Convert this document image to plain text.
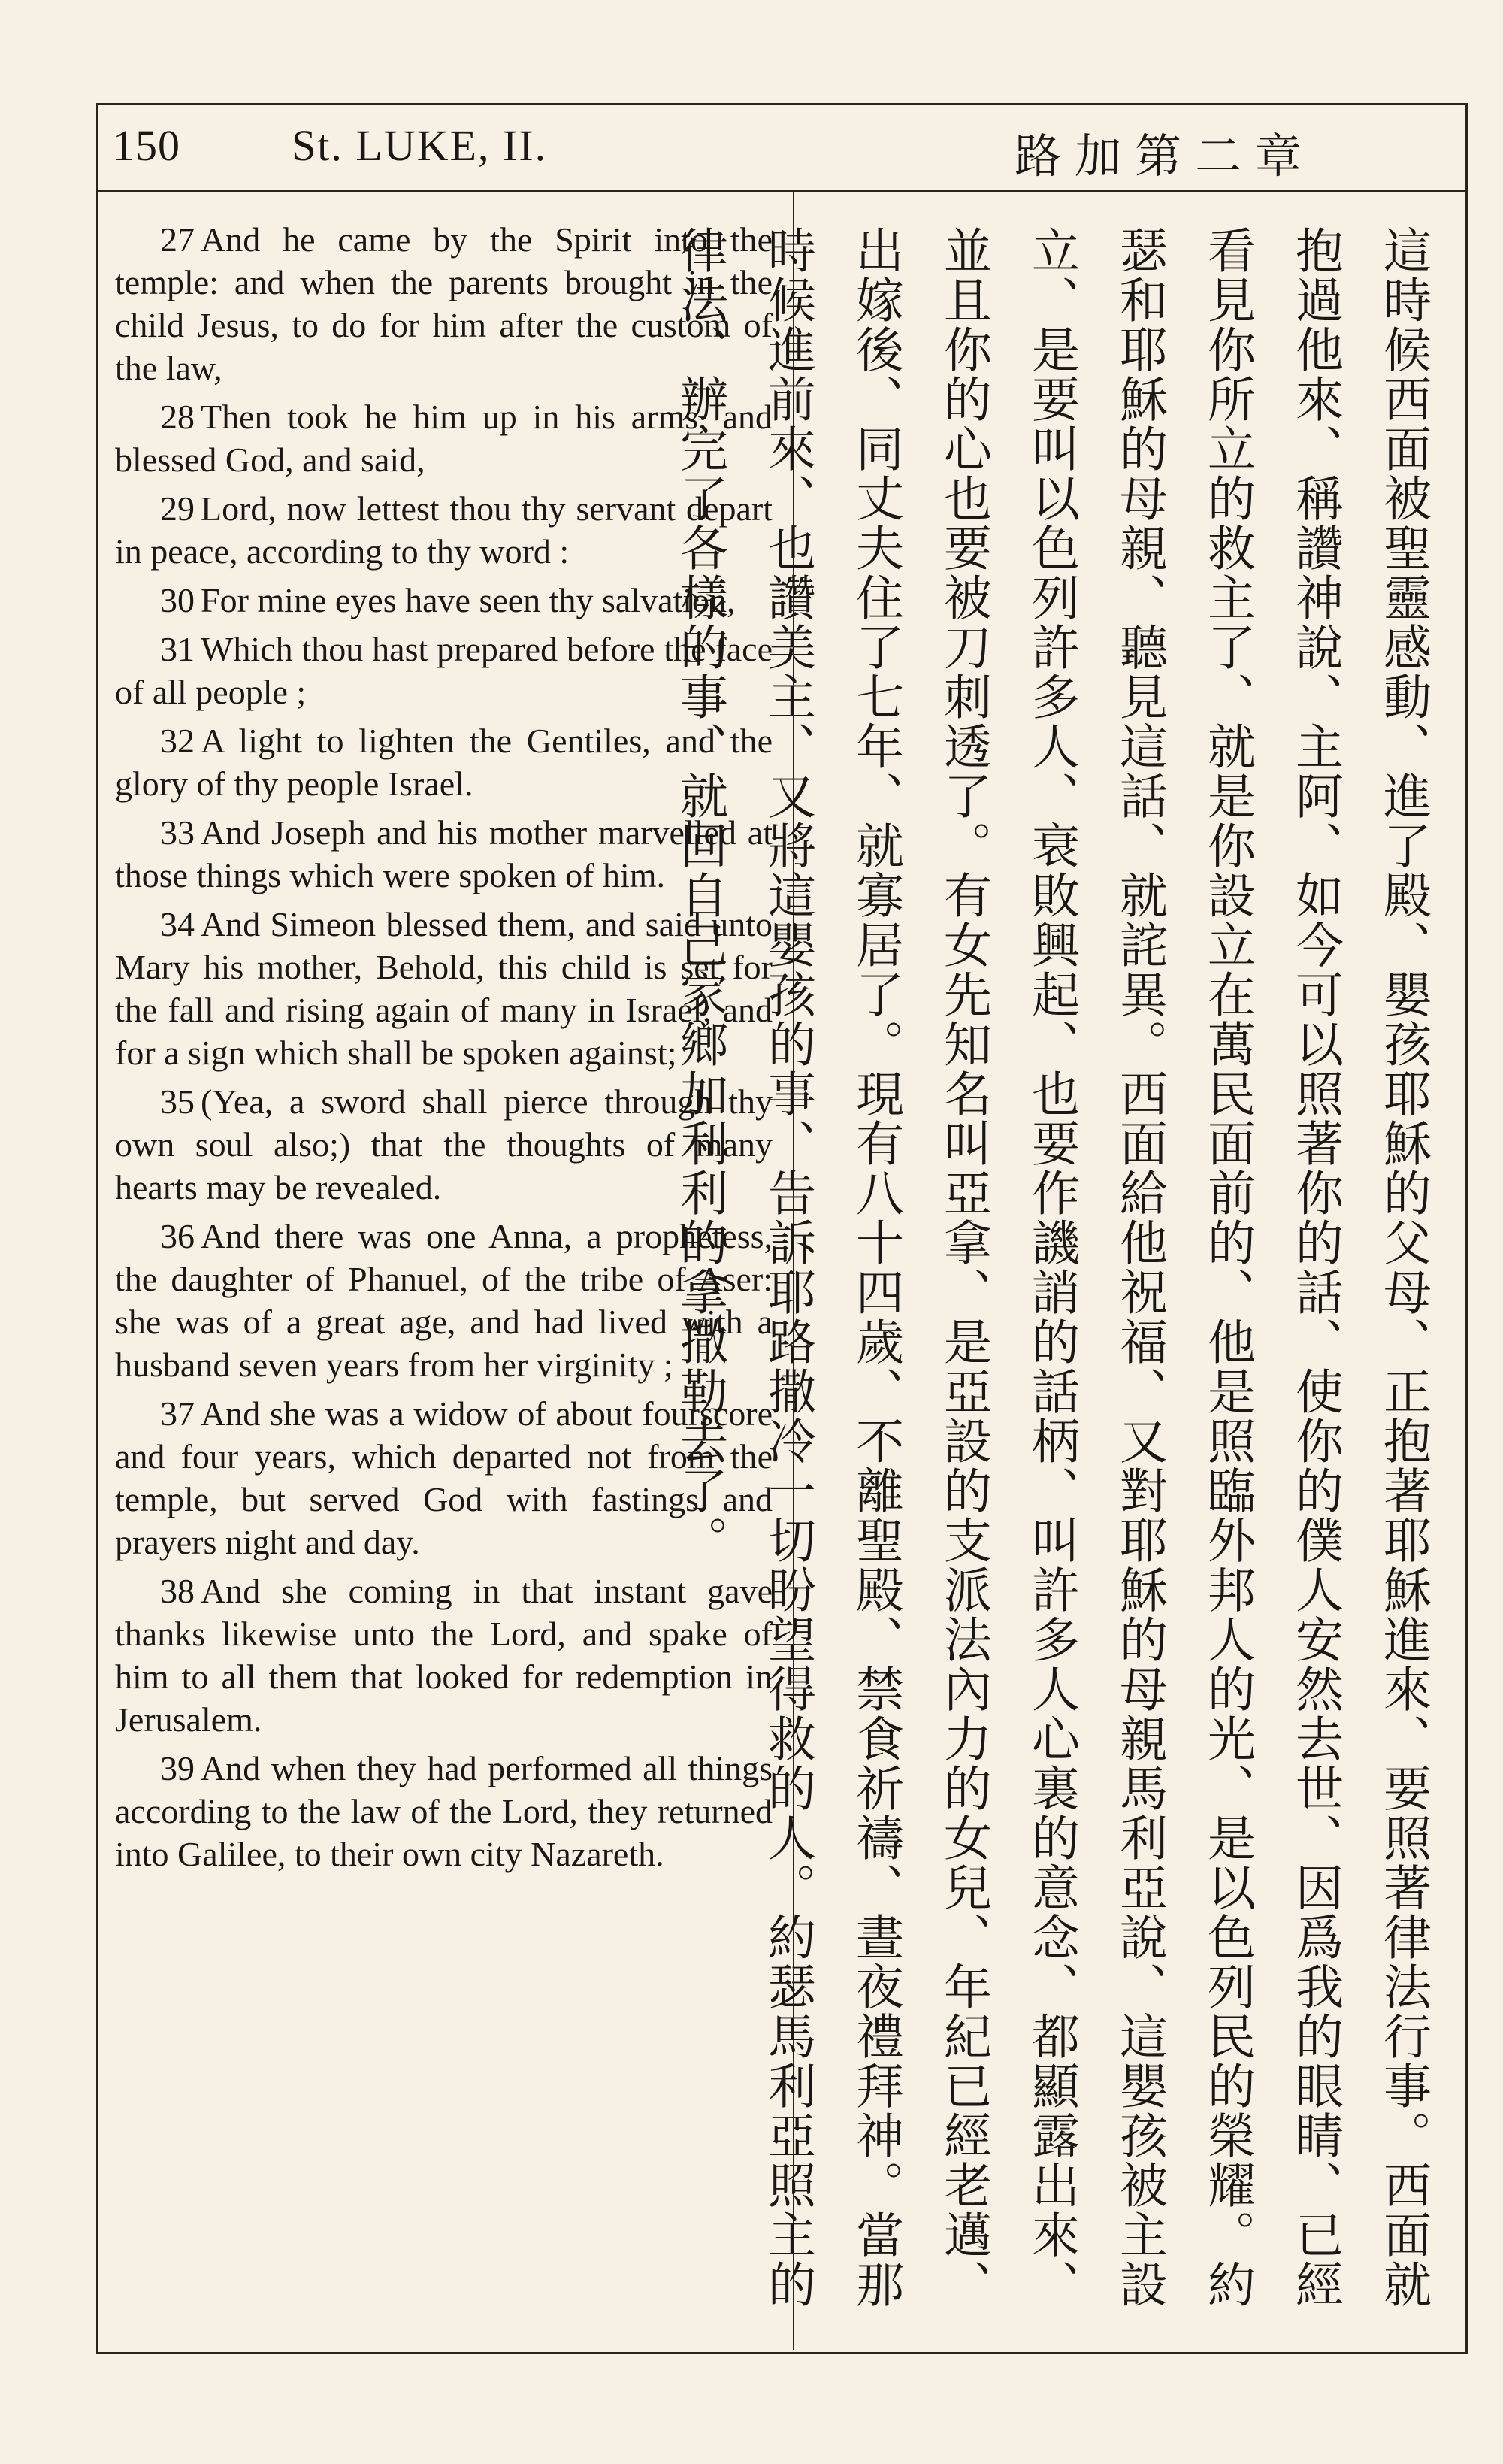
150	St. LUKE, II.	路加第二章

27 And he came by the Spirit into the temple: and when the parents brought in the child Jesus, to do for him after the custom of the law,

28 Then took he him up in his arms, and blessed God, and said,

29 Lord, now lettest thou thy servant depart in peace, according to thy word :

30 For mine eyes have seen thy salvation,

31 Which thou hast prepared before the face of all people ;

32 A light to lighten the Gentiles, and the glory of thy people Israel.

33 And Joseph and his mother marvelled at those things which were spoken of him.

34 And Simeon blessed them, and said unto Mary his mother, Behold, this child is set for the fall and rising again of many in Israel; and for a sign which shall be spoken against;

35 (Yea, a sword shall pierce through thy own soul also;) that the thoughts of many hearts may be revealed.

36 And there was one Anna, a prophetess, the daughter of Phanuel, of the tribe of Aser: she was of a great age, and had lived with a husband seven years from her virginity ;

37 And she was a widow of about fourscore and four years, which departed not from the temple, but served God with fastings and prayers night and day.

38 And she coming in that instant gave thanks likewise unto the Lord, and spake of him to all them that looked for redemption in Jerusalem.

39 And when they had performed all things according to the law of the Lord, they returned into Galilee, to their own city Nazareth.	這時候西面被聖靈感動、進了殿、嬰孩耶穌的父母、正抱著耶穌進來、要照著律法行事。西面就抱過他來、稱讚神說、主阿、如今可以照著你的話、使你的僕人安然去世、因爲我的眼睛、已經看見你所立的救主了、就是你設立在萬民面前的、他是照臨外邦人的光、是以色列民的榮耀。約瑟和耶穌的母親、聽見這話、就詫異。西面給他祝福、又對耶穌的母親馬利亞說、這嬰孩被主設立、是要叫以色列許多人、衰敗興起、也要作譏誚的話柄、叫許多人心裏的意念、都顯露出來、並且你的心也要被刀刺透了。有女先知名叫亞拿、是亞設的支派法內力的女兒、年紀已經老邁、出嫁後、同丈夫住了七年、就寡居了。現有八十四歲、不離聖殿、禁食祈禱、晝夜禮拜神。當那時候進前來、也讚美主、又將這嬰孩的事、告訴耶路撒冷一切盼望得救的人。約瑟馬利亞照主的律法、辦完了各樣的事、就回自己家鄉加利利的拿撒勒去了。
